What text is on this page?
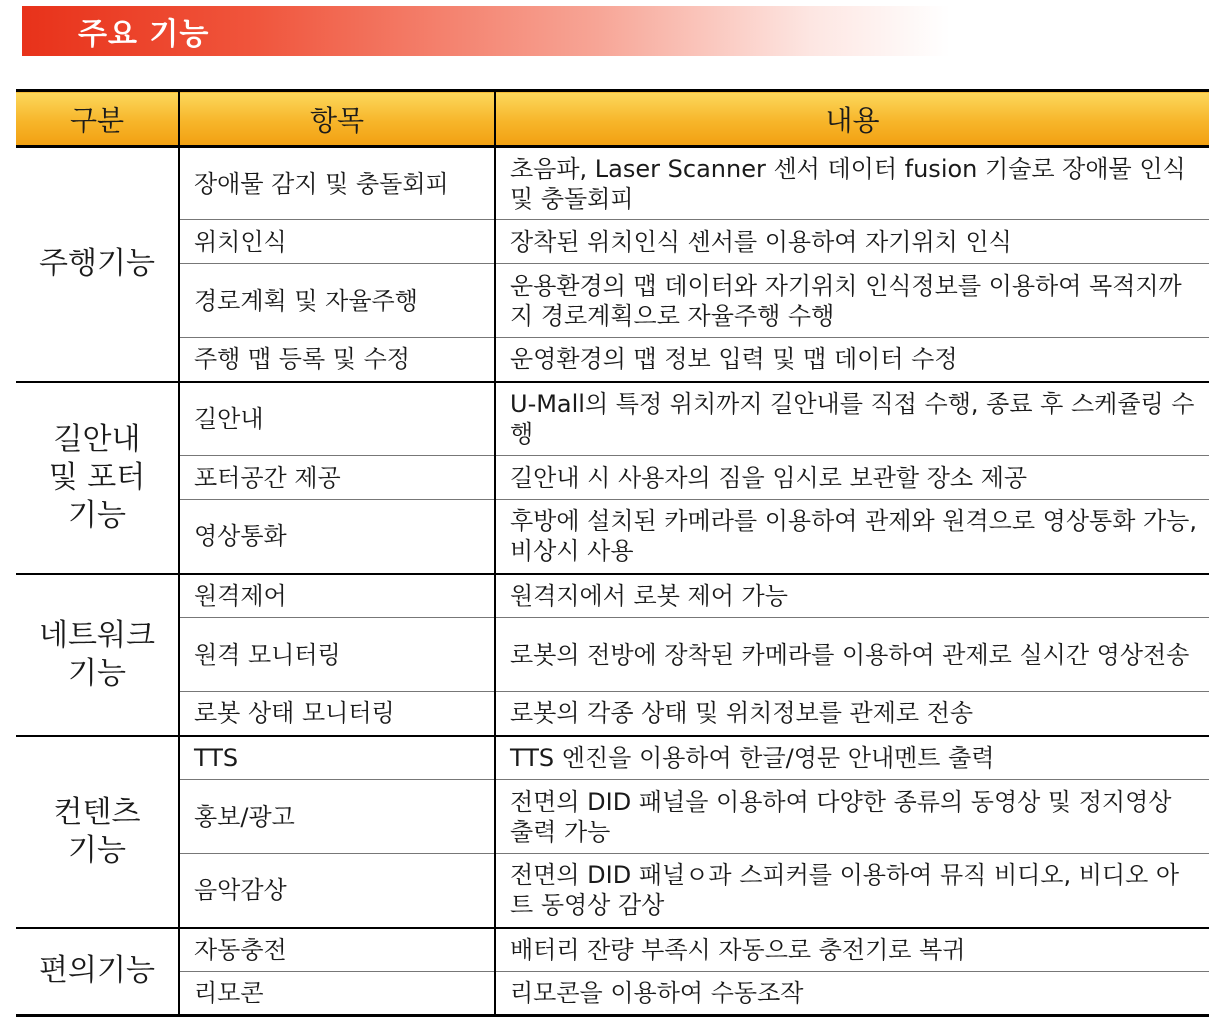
주요 기능
구분	항목	내용
주행기능	장애물 감지 및 충돌회피	초음파, Laser Scanner 센서 데이터 fusion 기술로 장애물 인식 및 충돌회피
	위치인식	장착된 위치인식 센서를 이용하여 자기위치 인식
	경로계획 및 자율주행	운용환경의 맵 데이터와 자기위치 인식정보를 이용하여 목적지까지 경로계획으로 자율주행 수행
	주행 맵 등록 및 수정	운영환경의 맵 정보 입력 및 맵 데이터 수정
길안내 및 포터 기능	길안내	U-Mall의 특정 위치까지 길안내를 직접 수행, 종료 후 스케쥴링 수행
	포터공간 제공	길안내 시 사용자의 짐을 임시로 보관할 장소 제공
	영상통화	후방에 설치된 카메라를 이용하여 관제와 원격으로 영상통화 가능, 비상시 사용
네트워크 기능	원격제어	원격지에서 로봇 제어 가능
	원격 모니터링	로봇의 전방에 장착된 카메라를 이용하여 관제로 실시간 영상전송
	로봇 상태 모니터링	로봇의 각종 상태 및 위치정보를 관제로 전송
컨텐츠 기능	TTS	TTS 엔진을 이용하여 한글/영문 안내멘트 출력
	홍보/광고	전면의 DID 패널을 이용하여 다양한 종류의 동영상 및 정지영상 출력 가능
	음악감상	전면의 DID 패널ㅇ과 스피커를 이용하여 뮤직 비디오, 비디오 아트 동영상 감상
편의기능	자동충전	배터리 잔량 부족시 자동으로 충전기로 복귀
	리모콘	리모콘을 이용하여 수동조작
